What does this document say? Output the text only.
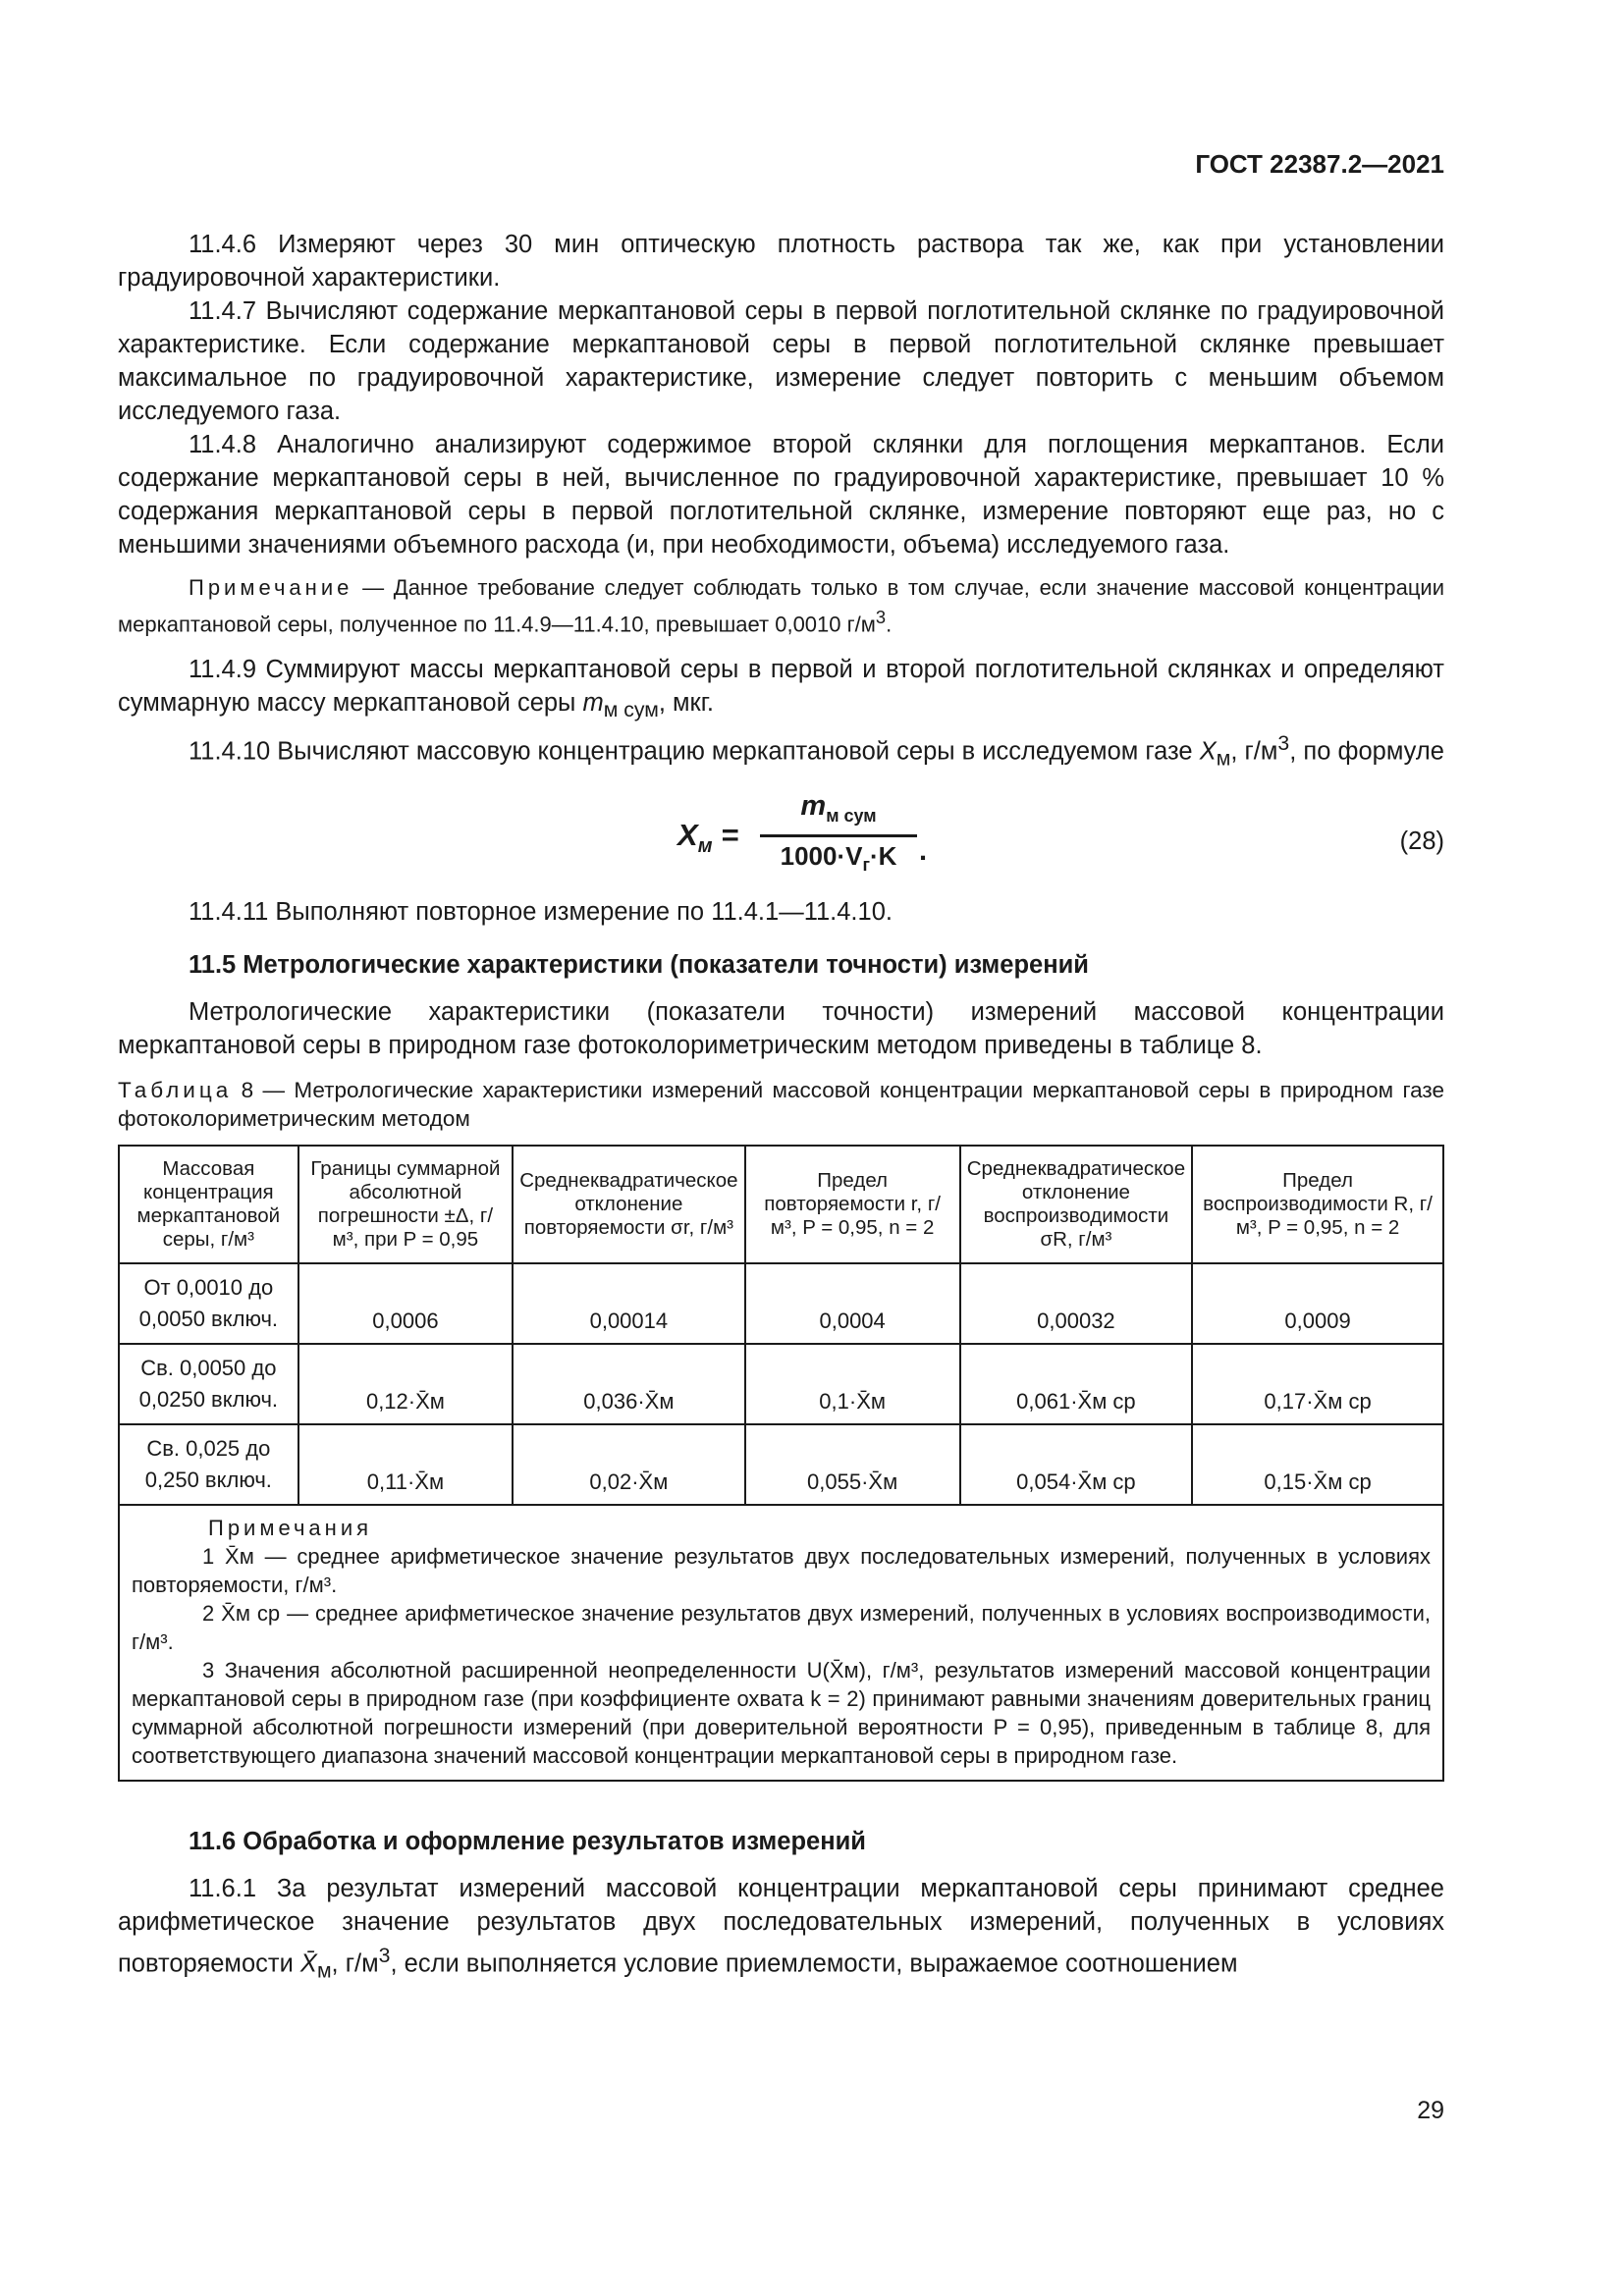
ГОСТ 22387.2—2021

11.4.6 Измеряют через 30 мин оптическую плотность раствора так же, как при установлении градуировочной характеристики.

11.4.7 Вычисляют содержание меркаптановой серы в первой поглотительной склянке по градуировочной характеристике. Если содержание меркаптановой серы в первой поглотительной склянке превышает максимальное по градуировочной характеристике, измерение следует повторить с меньшим объемом исследуемого газа.

11.4.8 Аналогично анализируют содержимое второй склянки для поглощения меркаптанов. Если содержание меркаптановой серы в ней, вычисленное по градуировочной характеристике, превышает 10 % содержания меркаптановой серы в первой поглотительной склянке, измерение повторяют еще раз, но с меньшими значениями объемного расхода (и, при необходимости, объема) исследуемого газа.

Примечание — Данное требование следует соблюдать только в том случае, если значение массовой концентрации меркаптановой серы, полученное по 11.4.9—11.4.10, превышает 0,0010 $г/м^3$.

11.4.9 Суммируют массы меркаптановой серы в первой и второй поглотительной склянках и определяют суммарную массу меркаптановой серы $m_{м сум}$, мкг.

11.4.10 Вычисляют массовую концентрацию меркаптановой серы в исследуемом газе $X_м$, $г/м^3$, по формуле

$X_м$ =
$m_{м сум}$
$1000\cdot V_г\cdot K$ .	(28)

11.4.11 Выполняют повторное измерение по 11.4.1—11.4.10.

11.5 Метрологические характеристики (показатели точности) измерений

Метрологические характеристики (показатели точности) измерений массовой концентрации меркаптановой серы в природном газе фотоколориметрическим методом приведены в таблице 8.

Таблица 8 — Метрологические характеристики измерений массовой концентрации меркаптановой серы в природном газе фотоколориметрическим методом

Массовая концентрация меркаптановой серы, г/м³	Границы суммарной абсолютной погрешности ±Δ, г/м³, при P = 0,95	Среднеквадратическое отклонение повторяемости σr, г/м³	Предел повторяемости r, г/м³, P = 0,95, n = 2	Среднеквадратическое отклонение воспроизводимости σR, г/м³	Предел воспроизводимости R, г/м³, P = 0,95, n = 2
От 0,0010 до 0,0050 включ.	0,0006	0,00014	0,0004	0,00032	0,0009
Св. 0,0050 до 0,0250 включ.	0,12·X̄м	0,036·X̄м	0,1·X̄м	0,061·X̄м ср	0,17·X̄м ср
Св. 0,025 до 0,250 включ.	0,11·X̄м	0,02·X̄м	0,055·X̄м	0,054·X̄м ср	0,15·X̄м ср

Примечания

1 X̄м — среднее арифметическое значение результатов двух последовательных измерений, полученных в условиях повторяемости, г/м³.

2 X̄м ср — среднее арифметическое значение результатов двух измерений, полученных в условиях воспроизводимости, г/м³.

3 Значения абсолютной расширенной неопределенности U(X̄м), г/м³, результатов измерений массовой концентрации меркаптановой серы в природном газе (при коэффициенте охвата k = 2) принимают равными значениям доверительных границ суммарной абсолютной погрешности измерений (при доверительной вероятности P = 0,95), приведенным в таблице 8, для соответствующего диапазона значений массовой концентрации меркаптановой серы в природном газе.					

11.6 Обработка и оформление результатов измерений

11.6.1 За результат измерений массовой концентрации меркаптановой серы принимают среднее арифметическое значение результатов двух последовательных измерений, полученных в условиях повторяемости $X̄_м$, $г/м^3$, если выполняется условие приемлемости, выражаемое соотношением

29
